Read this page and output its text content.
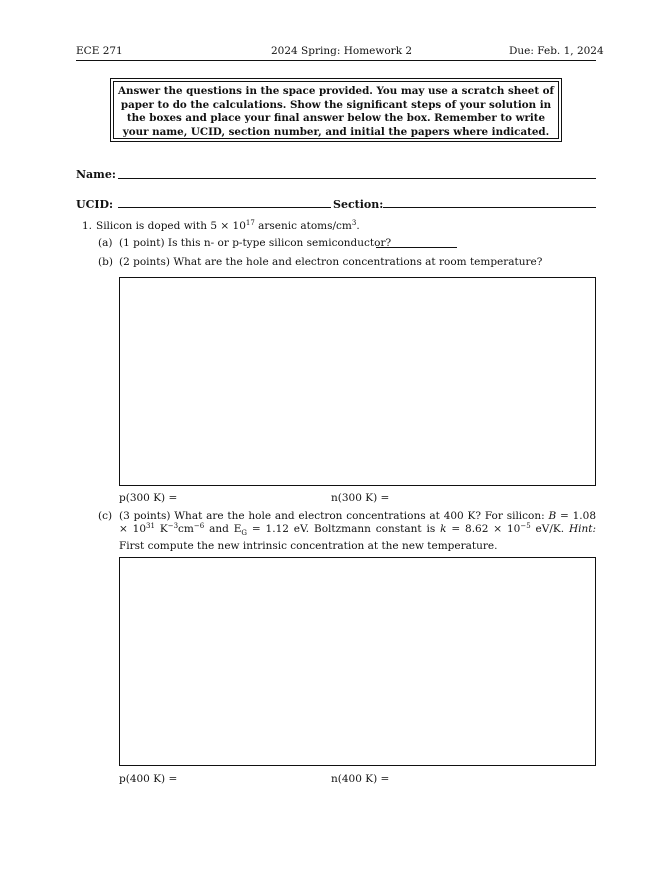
ECE 271	2024 Spring: Homework 2	Due: Feb. 1, 2024
Answer the questions in the space provided. You may use a scratch sheet of paper to do the calculations. Show the significant steps of your solution in the boxes and place your final answer below the box. Remember to write your name, UCID, section number, and initial the papers where indicated.
Name:
UCID:	Section:
1. Silicon is doped with $5 \times 10^{17}$ arsenic atoms/$cm^3$.
(a) (1 point) Is this n- or p-type silicon semiconductor?
(b) (2 points) What are the hole and electron concentrations at room temperature?
p(300 K) =	n(300 K) =
(c) (3 points) What are the hole and electron concentrations at 400 K? For silicon: $B = 1.08 \times 10^{31}$ $K^{-3}cm^{-6}$ and $E_G = 1.12$ eV. Boltzmann constant is $k = 8.62 \times 10^{-5}$ eV/K. Hint: First compute the new intrinsic concentration at the new temperature.
p(400 K) =	n(400 K) =
